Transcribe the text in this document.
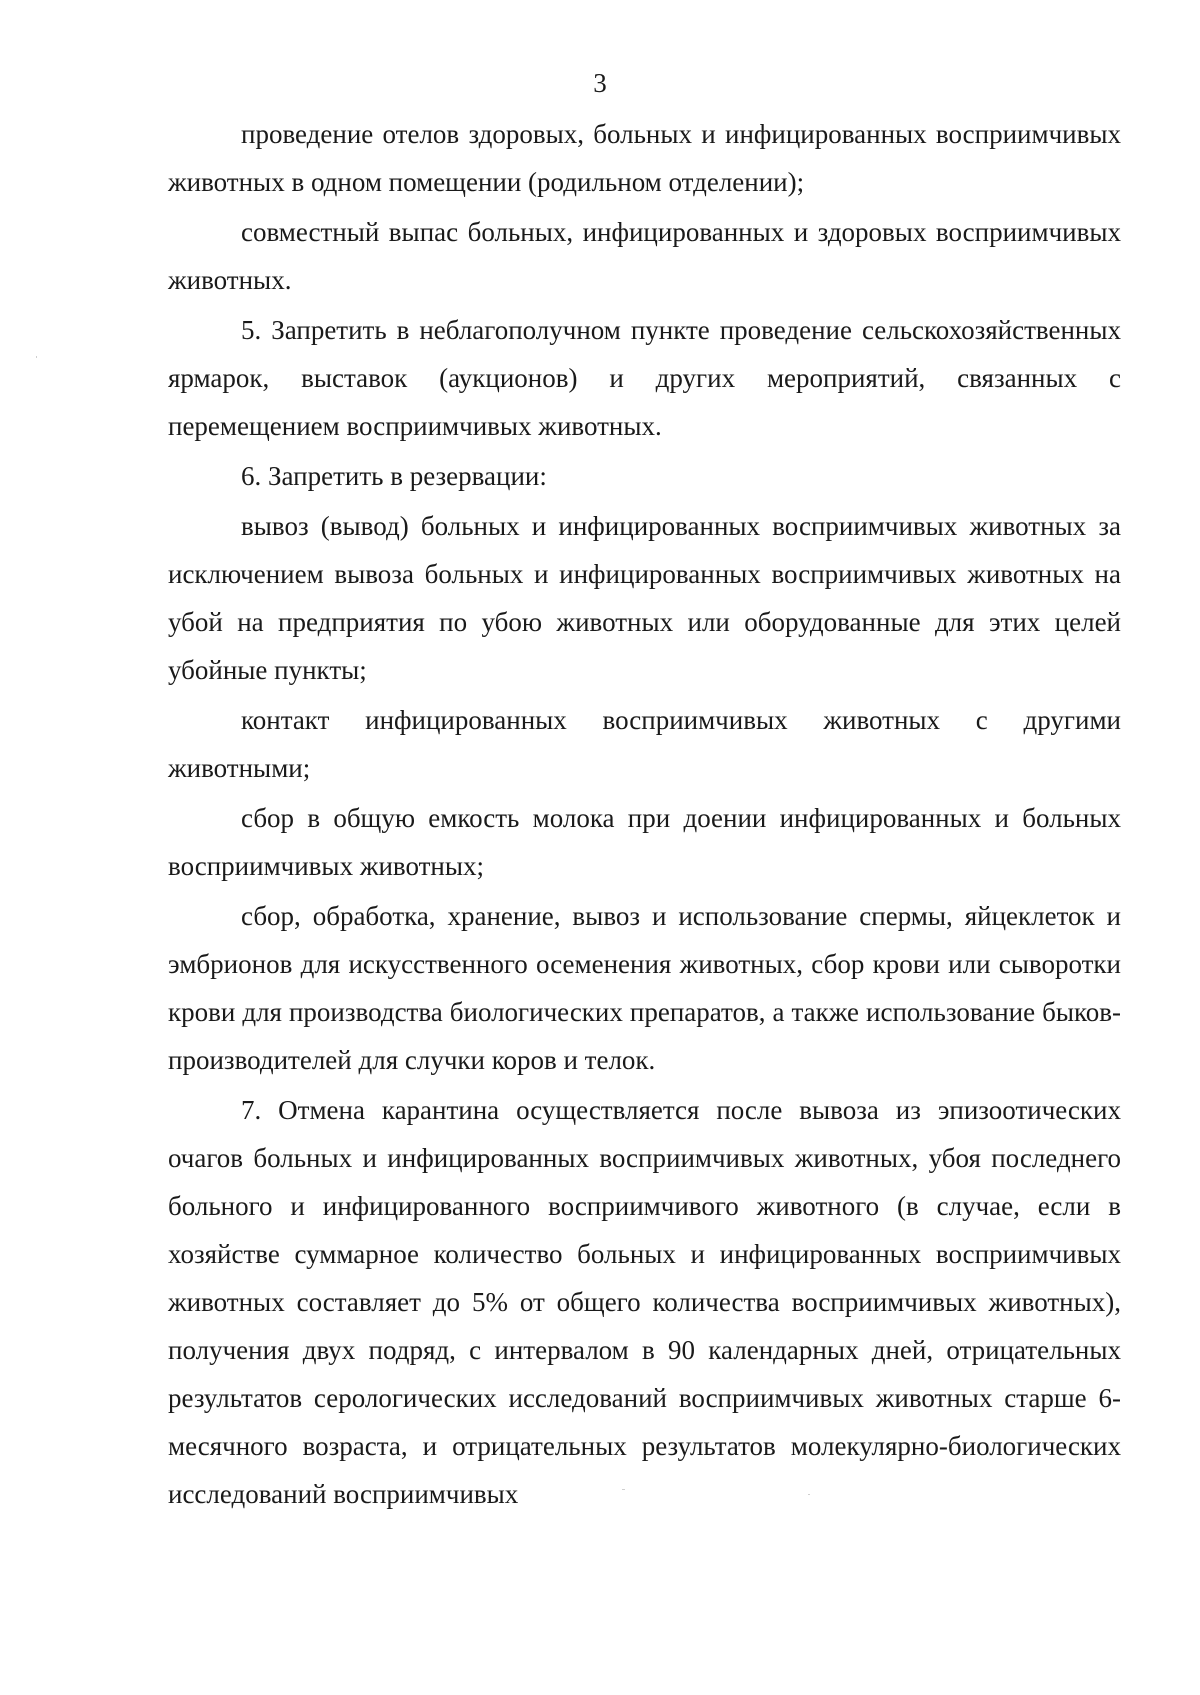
3

проведение отелов здоровых, больных и инфицированных восприимчивых животных в одном помещении (родильном отделении);

совместный выпас больных, инфицированных и здоровых восприимчивых животных.

5. Запретить в неблагополучном пункте проведение сельскохозяйственных ярмарок, выставок (аукционов) и других мероприятий, связанных с перемещением восприимчивых животных.

6. Запретить в резервации:

вывоз (вывод) больных и инфицированных восприимчивых животных за исключением вывоза больных и инфицированных восприимчивых животных на убой на предприятия по убою животных или оборудованные для этих целей убойные пункты;

контакт инфицированных восприимчивых животных с другими животными;

сбор в общую емкость молока при доении инфицированных и больных восприимчивых животных;

сбор, обработка, хранение, вывоз и использование спермы, яйцеклеток и эмбрионов для искусственного осеменения животных, сбор крови или сыворотки крови для производства биологических препаратов, а также использование быков-производителей для случки коров и телок.

7. Отмена карантина осуществляется после вывоза из эпизоотических очагов больных и инфицированных восприимчивых животных, убоя последнего больного и инфицированного восприимчивого животного (в случае, если в хозяйстве суммарное количество больных и инфицированных восприимчивых животных составляет до 5% от общего количества восприимчивых животных), получения двух подряд, с интервалом в 90 календарных дней, отрицательных результатов серологических исследований восприимчивых животных старше 6-месячного возраста, и отрицательных результатов молекулярно-биологических исследований восприимчивых
